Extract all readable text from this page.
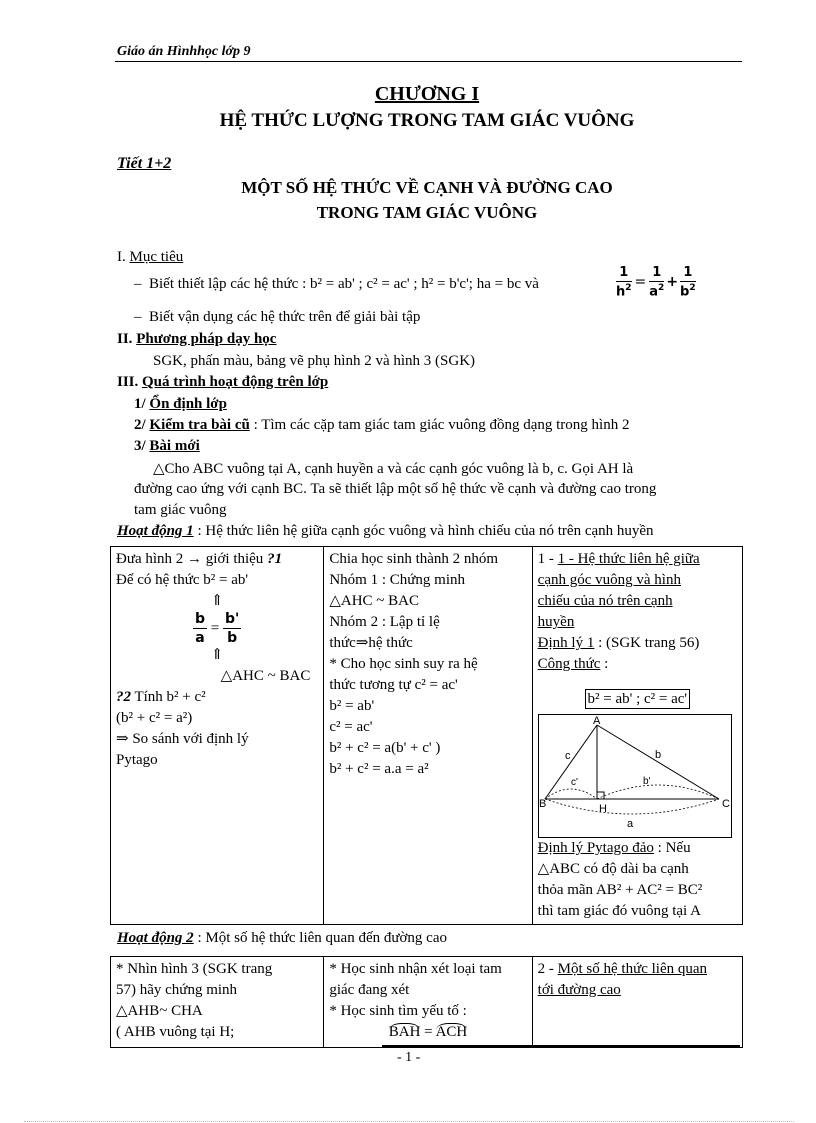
Giáo án Hìnhhọc lớp 9
CHƯƠNG I
HỆ THỨC LƯỢNG TRONG TAM GIÁC VUÔNG
Tiết 1+2
MỘT SỐ HỆ THỨC VỀ CẠNH VÀ ĐƯỜNG CAO
TRONG TAM GIÁC VUÔNG
I. Mục tiêu
–  Biết thiết lập các hệ thức : b² = ab' ; c² = ac' ; h² = b'c'; ha = bc và	$\frac{1}{h^2} = \frac{1}{a^2} + \frac{1}{b^2}$
–  Biết vận dụng các hệ thức trên để giải bài tập
II. Phương pháp dạy học
SGK, phấn màu, bảng vẽ phụ hình 2 và hình 3 (SGK)
III. Quá trình hoạt động trên lớp
1/ Ổn định lớp
2/ Kiểm tra bài cũ : Tìm các cặp tam giác tam giác vuông đồng dạng trong hình 2
3/ Bài mới
△Cho ABC vuông tại A, cạnh huyền a và các cạnh góc vuông là b, c. Gọi AH là
đường cao ứng với cạnh BC. Ta sẽ thiết lập một số hệ thức về cạnh và đường cao trong
tam giác vuông
Hoạt động 1 : Hệ thức liên hệ giữa cạnh góc vuông và hình chiếu của nó trên cạnh huyền
Đưa hình 2 → giới thiệu ?1
Để có hệ thức b² = ab'
⇑
$\frac{b}{a} = \frac{b'}{b}$
⇑
△AHC ~ BAC
?2 Tính b² + c²
(b² + c² = a²)
⇒ So sánh với định lý
Pytago

Chia học sinh thành 2 nhóm
Nhóm 1 : Chứng minh
△AHC ~ BAC
Nhóm 2 : Lập tỉ lệ
thức⇒hệ thức
* Cho học sinh suy ra hệ
thức tương tự c² = ac'
b² = ab'
c² = ac'
b² + c² = a(b' + c' )
b² + c² = a.a = a²

1 - 1 - Hệ thức liên hệ giữa
cạnh góc vuông và hình
chiếu của nó trên cạnh
huyền
Định lý 1 : (SGK trang 56)
Công thức :
b² = ab' ; c² = ac'
A
B	C
H
c	b
c'	b'
a
Định lý Pytago đảo : Nếu
△ABC có độ dài ba cạnh
thỏa mãn AB² + AC² = BC²
thì tam giác đó vuông tại A
Hoạt động 2 : Một số hệ thức liên quan đến đường cao
* Nhìn hình 3 (SGK trang
57) hãy chứng minh
△AHB~ CHA
( AHB vuông tại H;

* Học sinh nhận xét loại tam
giác đang xét
* Học sinh tìm yếu tố :
BAH = ACH

2 - Một số hệ thức liên quan
tới đường cao
- 1 -
